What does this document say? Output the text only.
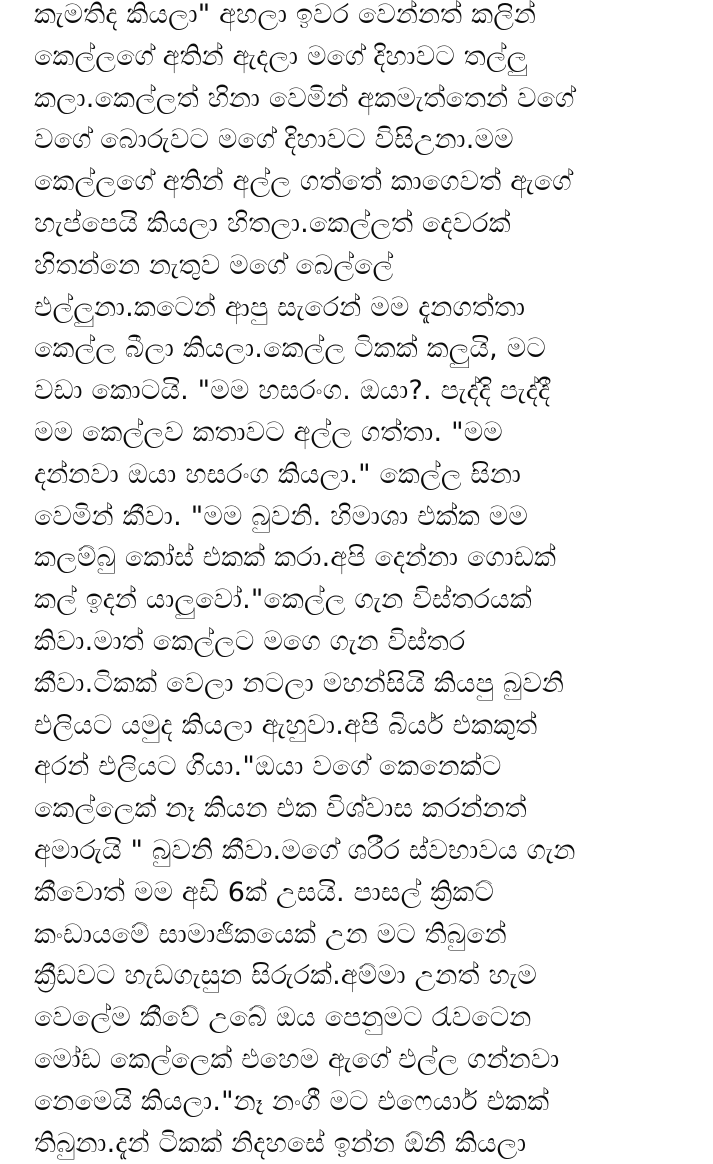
කැමතිද කියලා" අහලා ඉවර වෙන්නත් කලින්
කෙල්ලගේ අතින් ඇදලා මගේ දිහාවට තල්ලු
කලා.කෙල්ලත් හිනා වෙමින් අකමැත්තෙන් වගේ
වගේ බොරුවට මගේ දිහාවට විසිඋනා.මම
කෙල්ලගේ අතින් අල්ල ගත්තේ කාගෙවත් ඇගේ
හැප්පෙයි කියලා හිතලා.කෙල්ලත් දෙවරක්
හිතන්නෙ නැතුව මගේ බෙල්ලේ
එල්ලුනා.කටෙන් ආපු සැරෙන් මම දැනගත්තා
කෙල්ල බීලා කියලා.කෙල්ල ටිකක් කලුයි, මට
වඩා කොටයි. "මම හසරංග. ඔයා?. පැද්දි පැද්දී
මම කෙල්ලව කතාවට අල්ල ගත්තා. "මම
දන්නවා ඔයා හසරංග කියලා." කෙල්ල සිනා
වෙමින් කීවා. "මම බුවනි. හිමාශා එක්ක මම
කලම්බු කෝස් එකක් කරා.අපි දෙන්නා ගොඩක්
කල් ඉදන් යාලුවෝ."කෙල්ල ගැන විස්තරයක්
කිවා.මාත් කෙල්ලට මගෙ ගැන විස්තර
කීවා.ටිකක් වෙලා නටලා මහන්සියි කියපු බුවනි
එලියට යමුද කියලා ඇහුවා.අපි බියර් එකකුත්
අරන් එලියට ගියා."ඔයා වගේ කෙනෙක්ට
කෙල්ලෙක් නෑ කියන එක විශ්වාස කරන්නත්
අමාරුයි " බුවනි කීවා.මගේ ශරීර ස්වභාවය ගැන
කීවොත් මම අඩි 6ක් උසයි. පාසල් ක්‍රිකට්
කංඩායමේ සාමාජිකයෙක් උන මට තිබුනේ
ක්‍රීඩවට හැඩගැසුන සිරුරක්.අම්මා උනත් හැම
වෙලේම කීවේ උබේ ඔය පෙනුමට රැවටෙන
මෝඩ කෙල්ලෙක් එහෙම ඇගේ එල්ල ගන්නවා
නෙමෙයි කියලා."නෑ නංගී මට එෆෙයාර් එකක්
තිබුනා.දැන් ටිකක් නිදහසේ ඉන්න ඕනි කියලා
